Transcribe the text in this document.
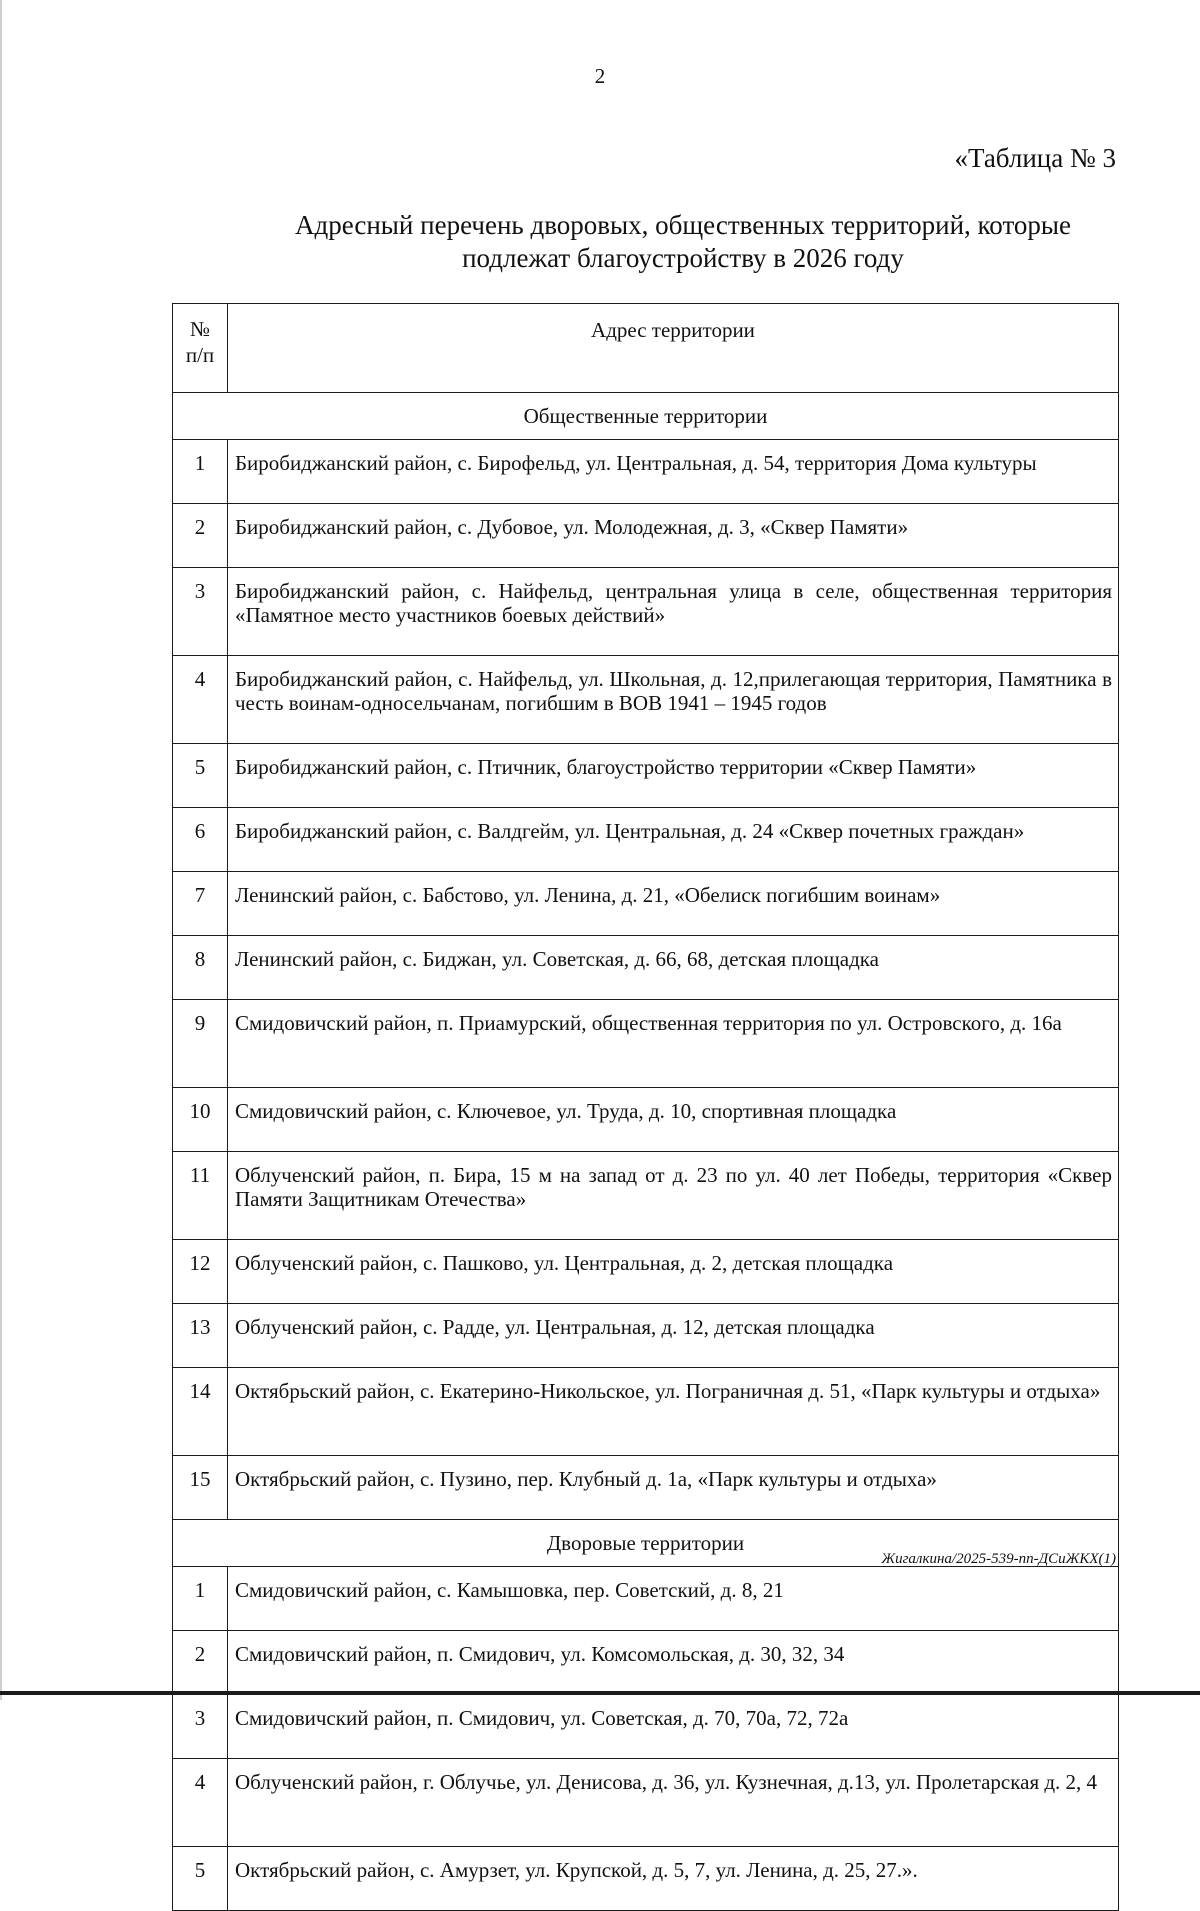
2
«Таблица № 3
Адресный перечень дворовых, общественных территорий, которые
подлежат благоустройству в 2026 году
№
п/п	Адрес территории
Общественные территории	
1	Биробиджанский район, с. Бирофельд, ул. Центральная, д. 54, территория Дома культуры
2	Биробиджанский район, с. Дубовое, ул. Молодежная, д. 3, «Сквер Памяти»
3	Биробиджанский район, с. Найфельд, центральная улица в селе, общественная территория «Памятное место участников боевых действий»
4	Биробиджанский район, с. Найфельд, ул. Школьная, д. 12,прилегающая территория, Памятника в честь воинам-односельчанам, погибшим в ВОВ 1941 – 1945 годов
5	Биробиджанский район, с. Птичник, благоустройство территории «Сквер Памяти»
6	Биробиджанский район, с. Валдгейм, ул. Центральная, д. 24 «Сквер почетных граждан»
7	Ленинский район, с. Бабстово, ул. Ленина, д. 21, «Обелиск погибшим воинам»
8	Ленинский район, с. Биджан, ул. Советская, д. 66, 68, детская площадка
9	Смидовичский район, п. Приамурский, общественная территория по ул. Островского, д. 16а
10	Смидовичский район, с. Ключевое, ул. Труда, д. 10, спортивная площадка
11	Облученский район, п. Бира, 15 м на запад от д. 23 по ул. 40 лет Победы, территория «Сквер Памяти Защитникам Отечества»
12	Облученский район, с. Пашково, ул. Центральная, д. 2, детская площадка
13	Облученский район, с. Радде, ул. Центральная, д. 12, детская площадка
14	Октябрьский район, с. Екатерино-Никольское, ул. Пограничная д. 51, «Парк культуры и отдыха»
15	Октябрьский район, с. Пузино, пер. Клубный д. 1а, «Парк культуры и отдыха»
Дворовые территории	
1	Смидовичский район, с. Камышовка, пер. Советский, д. 8, 21
2	Смидовичский район, п. Смидович, ул. Комсомольская, д. 30, 32, 34
3	Смидовичский район, п. Смидович, ул. Советская, д. 70, 70а, 72, 72а
4	Облученский район, г. Облучье, ул. Денисова, д. 36, ул. Кузнечная, д.13, ул. Пролетарская д. 2, 4
5	Октябрьский район, с. Амурзет, ул. Крупской, д. 5, 7, ул. Ленина, д. 25, 27.».
Жигалкина/2025-539-пп-ДСиЖКХ(1)
